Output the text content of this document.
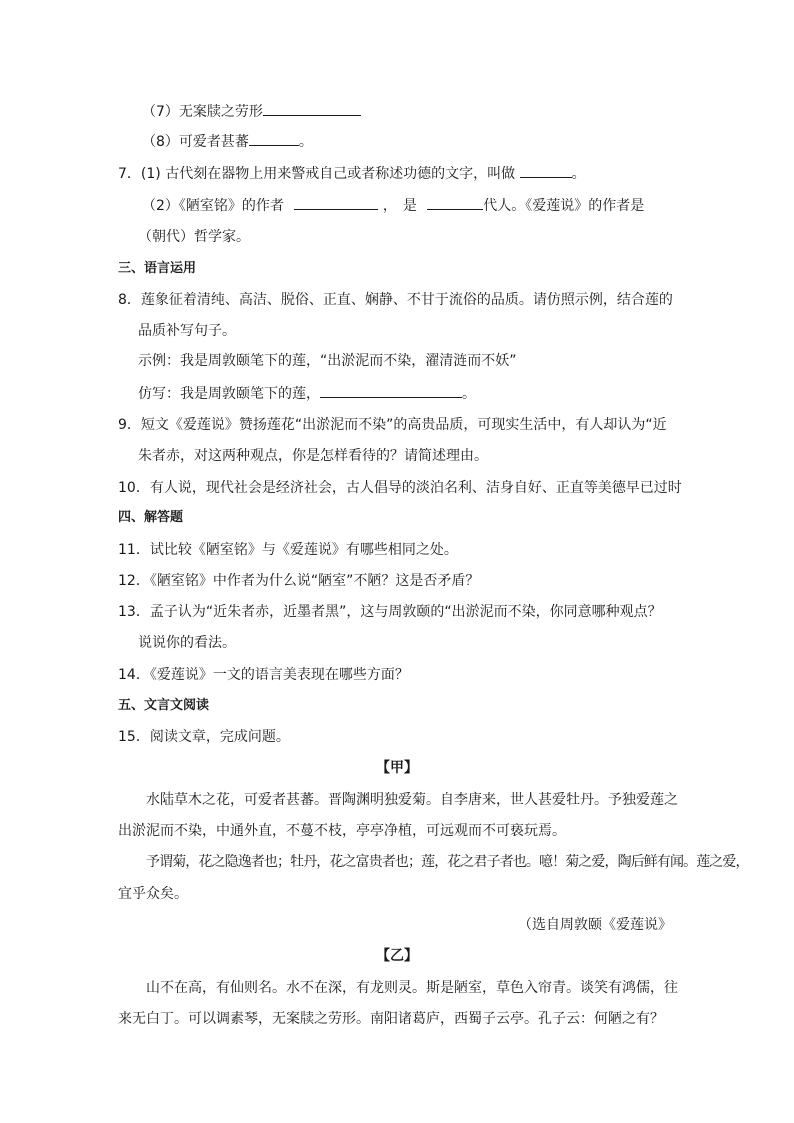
（7）无案牍之劳形
（8）可爱者甚蕃	。
7．(1) 古代刻在器物上用来警戒自己或者称述功德的文字，叫做	。
（2）《陋室铭》的作者	，是	代人。《爱莲说》的作者是
（朝代）哲学家。
三、语言运用
8．莲象征着清纯、高洁、脱俗、正直、娴静、不甘于流俗的品质。请仿照示例，结合莲的
品质补写句子。
示例：我是周敦颐笔下的莲，“出淤泥而不染，濯清涟而不妖”
仿写：我是周敦颐笔下的莲，	。
9．短文《爱莲说》赞扬莲花“出淤泥而不染”的高贵品质，可现实生活中，有人却认为“近
朱者赤，对这两种观点，你是怎样看待的？请简述理由。
10．有人说，现代社会是经济社会，古人倡导的淡泊名利、洁身自好、正直等美德早已过时
四、解答题
11．试比较《陋室铭》与《爱莲说》有哪些相同之处。
12．《陋室铭》中作者为什么说“陋室”不陋？这是否矛盾？
13．孟子认为“近朱者赤，近墨者黑”，这与周敦颐的“出淤泥而不染，你同意哪种观点？
说说你的看法。
14．《爱莲说》一文的语言美表现在哪些方面？
五、文言文阅读
15．阅读文章，完成问题。
【甲】
水陆草木之花，可爱者甚蕃。晋陶渊明独爱菊。自李唐来，世人甚爱牡丹。予独爱莲之
出淤泥而不染，中通外直，不蔓不枝，亭亭净植，可远观而不可亵玩焉。
予谓菊，花之隐逸者也；牡丹，花之富贵者也；莲，花之君子者也。噫！菊之爱，陶后鲜有闻。莲之爱，
宜乎众矣。
（选自周敦颐《爱莲说》
【乙】
山不在高，有仙则名。水不在深，有龙则灵。斯是陋室，草色入帘青。谈笑有鸿儒，往
来无白丁。可以调素琴，无案牍之劳形。南阳诸葛庐，西蜀子云亭。孔子云：何陋之有？
